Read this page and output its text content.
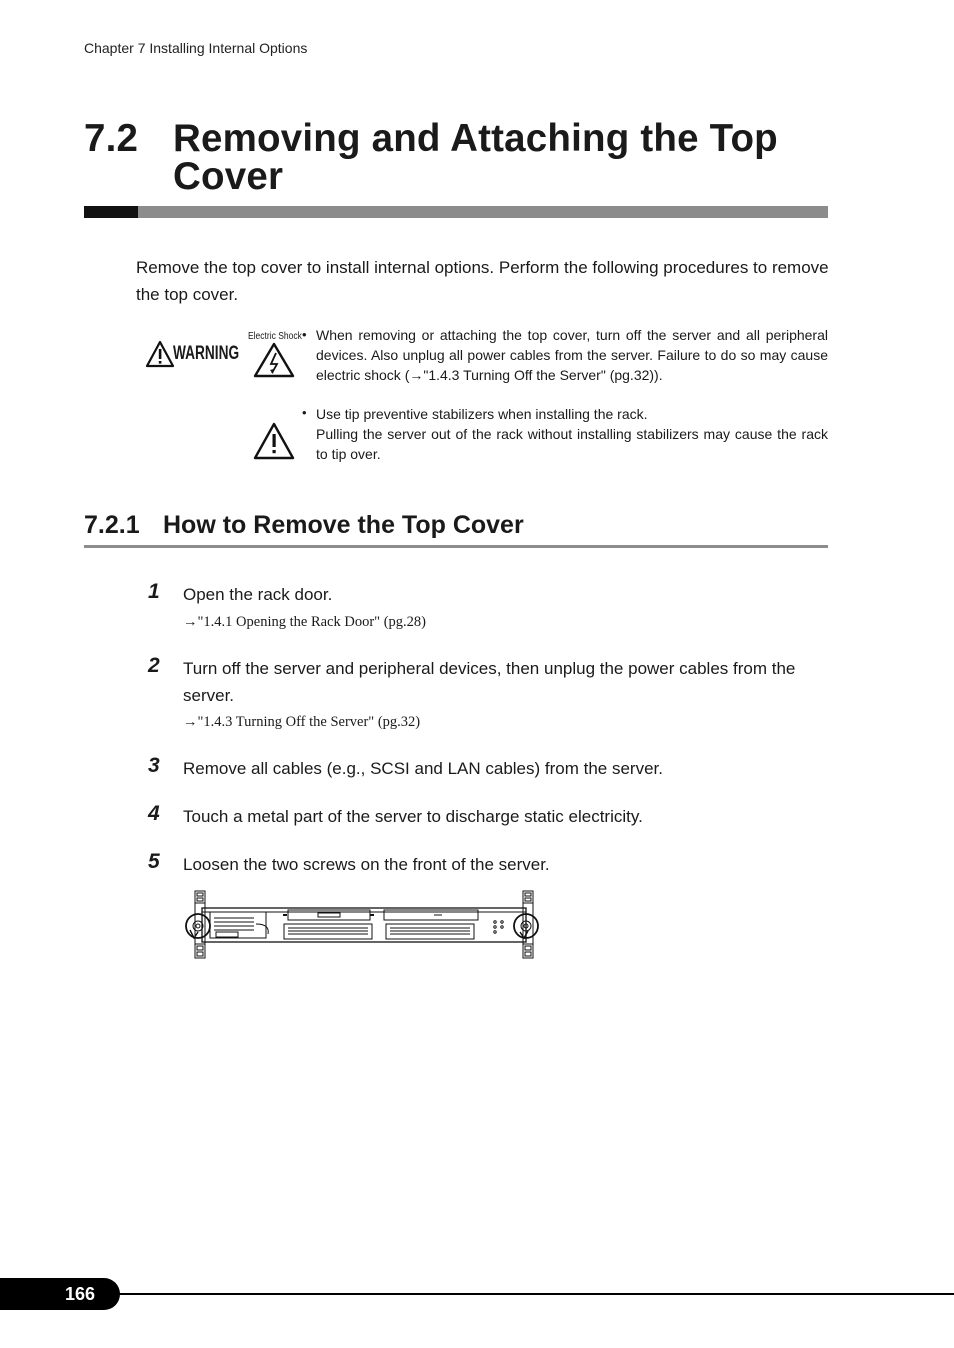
Chapter 7 Installing Internal Options
7.2 Removing and Attaching the Top Cover
Remove the top cover to install internal options. Perform the following procedures to remove the top cover.
WARNING
Electric Shock • When removing or attaching the top cover, turn off the server and all peripheral devices. Also unplug all power cables from the server. Failure to do so may cause electric shock (→"1.4.3 Turning Off the Server" (pg.32)).
• Use tip preventive stabilizers when installing the rack.
Pulling the server out of the rack without installing stabilizers may cause the rack to tip over.
7.2.1 How to Remove the Top Cover
1 Open the rack door.
→"1.4.1 Opening the Rack Door" (pg.28)
2 Turn off the server and peripheral devices, then unplug the power cables from the server.
→"1.4.3 Turning Off the Server" (pg.32)
3 Remove all cables (e.g., SCSI and LAN cables) from the server.
4 Touch a metal part of the server to discharge static electricity.
5 Loosen the two screws on the front of the server.
166
